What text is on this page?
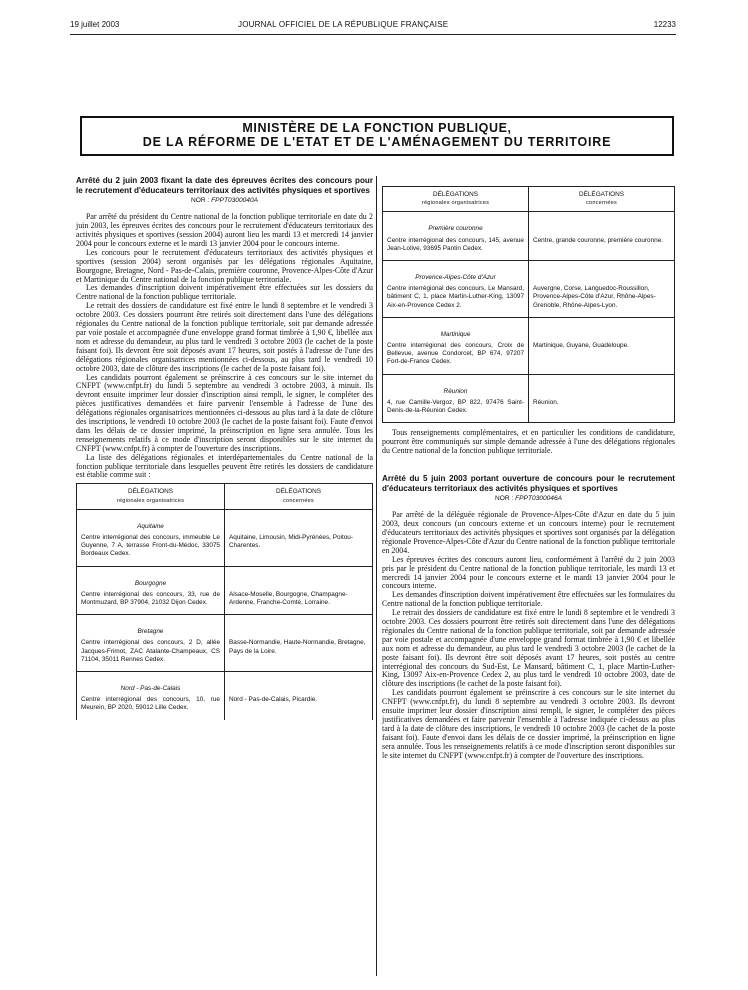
19 juillet 2003	JOURNAL OFFICIEL DE LA RÉPUBLIQUE FRANÇAISE	12233
MINISTÈRE DE LA FONCTION PUBLIQUE,
DE LA RÉFORME DE L'ETAT ET DE L'AMÉNAGEMENT DU TERRITOIRE
Arrêté du 2 juin 2003 fixant la date des épreuves écrites des concours pour le recrutement d'éducateurs territoriaux des activités physiques et sportives
NOR : FPPT0300040A

Par arrêté du président du Centre national de la fonction publique territoriale en date du 2 juin 2003, les épreuves écrites des concours pour le recrutement d'éducateurs territoriaux des activités physiques et sportives (session 2004) auront lieu les mardi 13 et mercredi 14 janvier 2004 pour le concours externe et le mardi 13 janvier 2004 pour le concours interne.

Les concours pour le recrutement d'éducateurs territoriaux des activités physiques et sportives (session 2004) seront organisés par les délégations régionales Aquitaine, Bourgogne, Bretagne, Nord - Pas-de-Calais, première couronne, Provence-Alpes-Côte d'Azur et Martinique du Centre national de la fonction publique territoriale.

Les demandes d'inscription doivent impérativement être effectuées sur les dossiers du Centre national de la fonction publique territoriale.

Le retrait des dossiers de candidature est fixé entre le lundi 8 septembre et le vendredi 3 octobre 2003. Ces dossiers pourront être retirés soit directement dans l'une des délégations régionales du Centre national de la fonction publique territoriale, soit par demande adressée par voie postale et accompagnée d'une enveloppe grand format timbrée à 1,90 €, libellée aux nom et adresse du demandeur, au plus tard le vendredi 3 octobre 2003 (le cachet de la poste faisant foi). Ils devront être soit déposés avant 17 heures, soit postés à l'adresse de l'une des délégations régionales organisatrices mentionnées ci-dessous, au plus tard le vendredi 10 octobre 2003, date de clôture des inscriptions (le cachet de la poste faisant foi).

Les candidats pourront également se préinscrire à ces concours sur le site internet du CNFPT (www.cnfpt.fr) du lundi 5 septembre au vendredi 3 octobre 2003, à minuit. Ils devront ensuite imprimer leur dossier d'inscription ainsi rempli, le signer, le compléter des pièces justificatives demandées et faire parvenir l'ensemble à l'adresse de l'une des délégations régionales organisatrices mentionnées ci-dessous au plus tard à la date de clôture des inscriptions, le vendredi 10 octobre 2003 (le cachet de la poste faisant foi). Faute d'envoi dans les délais de ce dossier imprimé, la préinscription en ligne sera annulée. Tous les renseignements relatifs à ce mode d'inscription seront disponibles sur le site internet du CNFPT (www.cnfpt.fr) à compter de l'ouverture des inscriptions.

La liste des délégations régionales et interdépartementales du Centre national de la fonction publique territoriale dans lesquelles peuvent être retirés les dossiers de candidature est établie comme suit :

DÉLÉGATIONS
régionales organisatrices	DÉLÉGATIONS
concernées

Aquitaine
Centre interrégional des concours, immeuble Le Guyenne, 7 A, terrasse Front-du-Médoc, 33075 Bordeaux Cedex.	Aquitaine, Limousin, Midi-Pyrénées, Poitou-Charentes.

Bourgogne
Centre interrégional des concours, 33, rue de Montmuzard, BP 37904, 21032 Dijon Cedex.	Alsace-Moselle, Bourgogne, Champagne-Ardenne, Franche-Comté, Lorraine.

Bretagne
Centre interrégional des concours, 2 D, allée Jacques-Frimot, ZAC Atalante-Champeaux, CS 71104, 35011 Rennes Cedex.	Basse-Normandie, Haute-Normandie, Bretagne, Pays de la Loire.

Nord - Pas-de-Calais
Centre interrégional des concours, 10, rue Meurein, BP 2020, 59012 Lille Cedex.	Nord - Pas-de-Calais, Picardie.
DÉLÉGATIONS
régionales organisatrices	DÉLÉGATIONS
concernées

Première couronne
Centre interrégional des concours, 145, avenue Jean-Lolive, 93695 Pantin Cedex.	Centre, grande couronne, première couronne.

Provence-Alpes-Côte d'Azur
Centre interrégional des concours, Le Mansard, bâtiment C, 1, place Martin-Luther-King, 13097 Aix-en-Provence Cedex 2.	Auvergne, Corse, Languedoc-Roussillon, Provence-Alpes-Côte d'Azur, Rhône-Alpes-Grenoble, Rhône-Alpes-Lyon.

Martinique
Centre interrégional des concours, Croix de Bellevue, avenue Condorcet, BP 674, 97207 Fort-de-France Cedex.	Martinique, Guyane, Guadeloupe.

Réunion
4, rue Camille-Vergoz, BP 822, 97476 Saint-Denis-de-la-Réunion Cedex.	Réunion.

Tous renseignements complémentaires, et en particulier les conditions de candidature, pourront être communiqués sur simple demande adressée à l'une des délégations régionales du Centre national de la fonction publique territoriale.

Arrêté du 5 juin 2003 portant ouverture de concours pour le recrutement d'éducateurs territoriaux des activités physiques et sportives
NOR : FPPT0300046A

Par arrêté de la déléguée régionale de Provence-Alpes-Côte d'Azur en date du 5 juin 2003, deux concours (un concours externe et un concours interne) pour le recrutement d'éducateurs territoriaux des activités physiques et sportives sont organisés par la délégation régionale Provence-Alpes-Côte d'Azur du Centre national de la fonction publique territoriale en 2004.

Les épreuves écrites des concours auront lieu, conformément à l'arrêté du 2 juin 2003 pris par le président du Centre national de la fonction publique territoriale, les mardi 13 et mercredi 14 janvier 2004 pour le concours externe et le mardi 13 janvier 2004 pour le concours interne.

Les demandes d'inscription doivent impérativement être effectuées sur les formulaires du Centre national de la fonction publique territoriale.

Le retrait des dossiers de candidature est fixé entre le lundi 8 septembre et le vendredi 3 octobre 2003. Ces dossiers pourront être retirés soit directement dans l'une des délégations régionales du Centre national de la fonction publique territoriale, soit par demande adressée par voie postale et accompagnée d'une enveloppe grand format timbrée à 1,90 € et libellée aux nom et adresse du demandeur, au plus tard le vendredi 3 octobre 2003 (le cachet de la poste faisant foi). Ils devront être soit déposés avant 17 heures, soit postés au centre interrégional des concours du Sud-Est, Le Mansard, bâtiment C, 1, place Martin-Luther-King, 13097 Aix-en-Provence Cedex 2, au plus tard le vendredi 10 octobre 2003, date de clôture des inscriptions (le cachet de la poste faisant foi).

Les candidats pourront également se préinscrire à ces concours sur le site internet du CNFPT (www.cnfpt.fr), du lundi 8 septembre au vendredi 3 octobre 2003. Ils devront ensuite imprimer leur dossier d'inscription ainsi rempli, le signer, le compléter des pièces justificatives demandées et faire parvenir l'ensemble à l'adresse indiquée ci-dessus au plus tard à la date de clôture des inscriptions, le vendredi 10 octobre 2003 (le cachet de la poste faisant foi). Faute d'envoi dans les délais de ce dossier imprimé, la préinscription en ligne sera annulée. Tous les renseignements relatifs à ce mode d'inscription seront disponibles sur le site internet du CNFPT (www.cnfpt.fr) à compter de l'ouverture des inscriptions.
